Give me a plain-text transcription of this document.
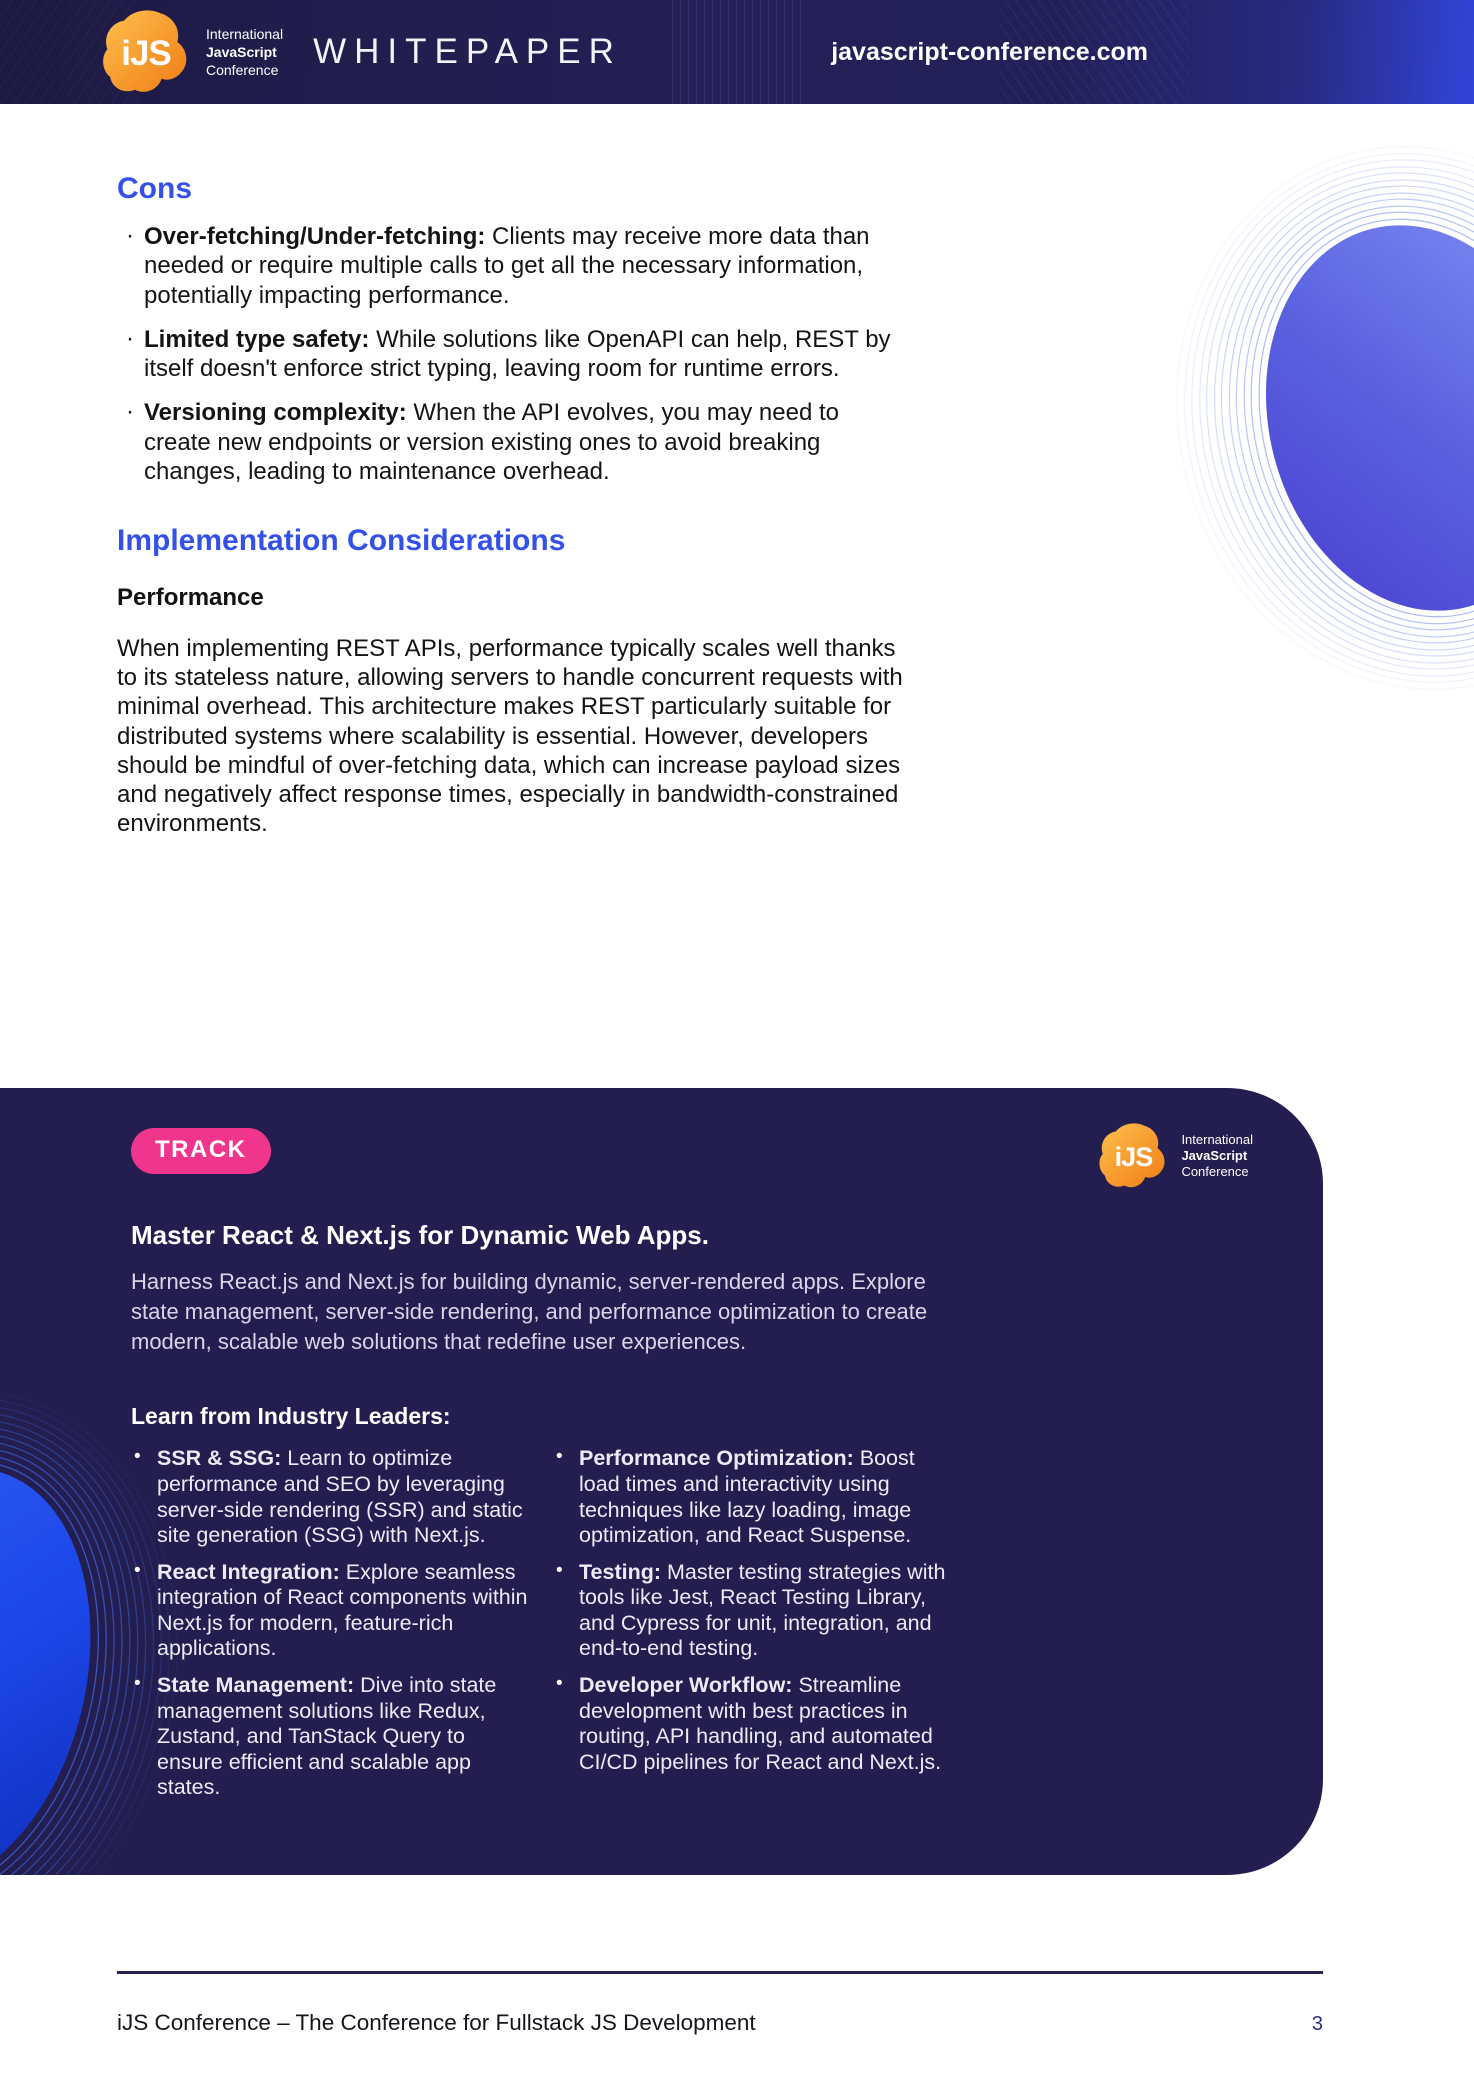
iJS
International
JavaScript
Conference WHITEPAPER	javascript-conference.com
Cons
· Over-fetching/Under-fetching: Clients may receive more data than needed or require multiple calls to get all the necessary information, potentially impacting performance.
· Limited type safety: While solutions like OpenAPI can help, REST by itself doesn't enforce strict typing, leaving room for runtime errors.
· Versioning complexity: When the API evolves, you may need to create new endpoints or version existing ones to avoid breaking changes, leading to maintenance overhead.
Implementation Considerations
Performance

When implementing REST APIs, performance typically scales well thanks to its stateless nature, allowing servers to handle concurrent requests with minimal overhead. This architecture makes REST particularly suitable for distributed systems where scalability is essential. However, developers should be mindful of over-fetching data, which can increase payload sizes and negatively affect response times, especially in bandwidth-constrained environments.

iJS
International
JavaScript
Conference
TRACK
Master React & Next.js for Dynamic Web Apps.

Harness React.js and Next.js for building dynamic, server-rendered apps. Explore state management, server-side rendering, and performance optimization to create modern, scalable web solutions that redefine user experiences.

Learn from Industry Leaders:
• SSR & SSG: Learn to optimize performance and SEO by leveraging server-side rendering (SSR) and static site generation (SSG) with Next.js.
• React Integration: Explore seamless integration of React components within Next.js for modern, feature-rich applications.
• State Management: Dive into state management solutions like Redux, Zustand, and TanStack Query to ensure efficient and scalable app states.
• Performance Optimization: Boost load times and interactivity using techniques like lazy loading, image optimization, and React Suspense.
• Testing: Master testing strategies with tools like Jest, React Testing Library, and Cypress for unit, integration, and end-to-end testing.
• Developer Workflow: Streamline development with best practices in routing, API handling, and automated CI/CD pipelines for React and Next.js.
iJS Conference – The Conference for Fullstack JS Development	3
